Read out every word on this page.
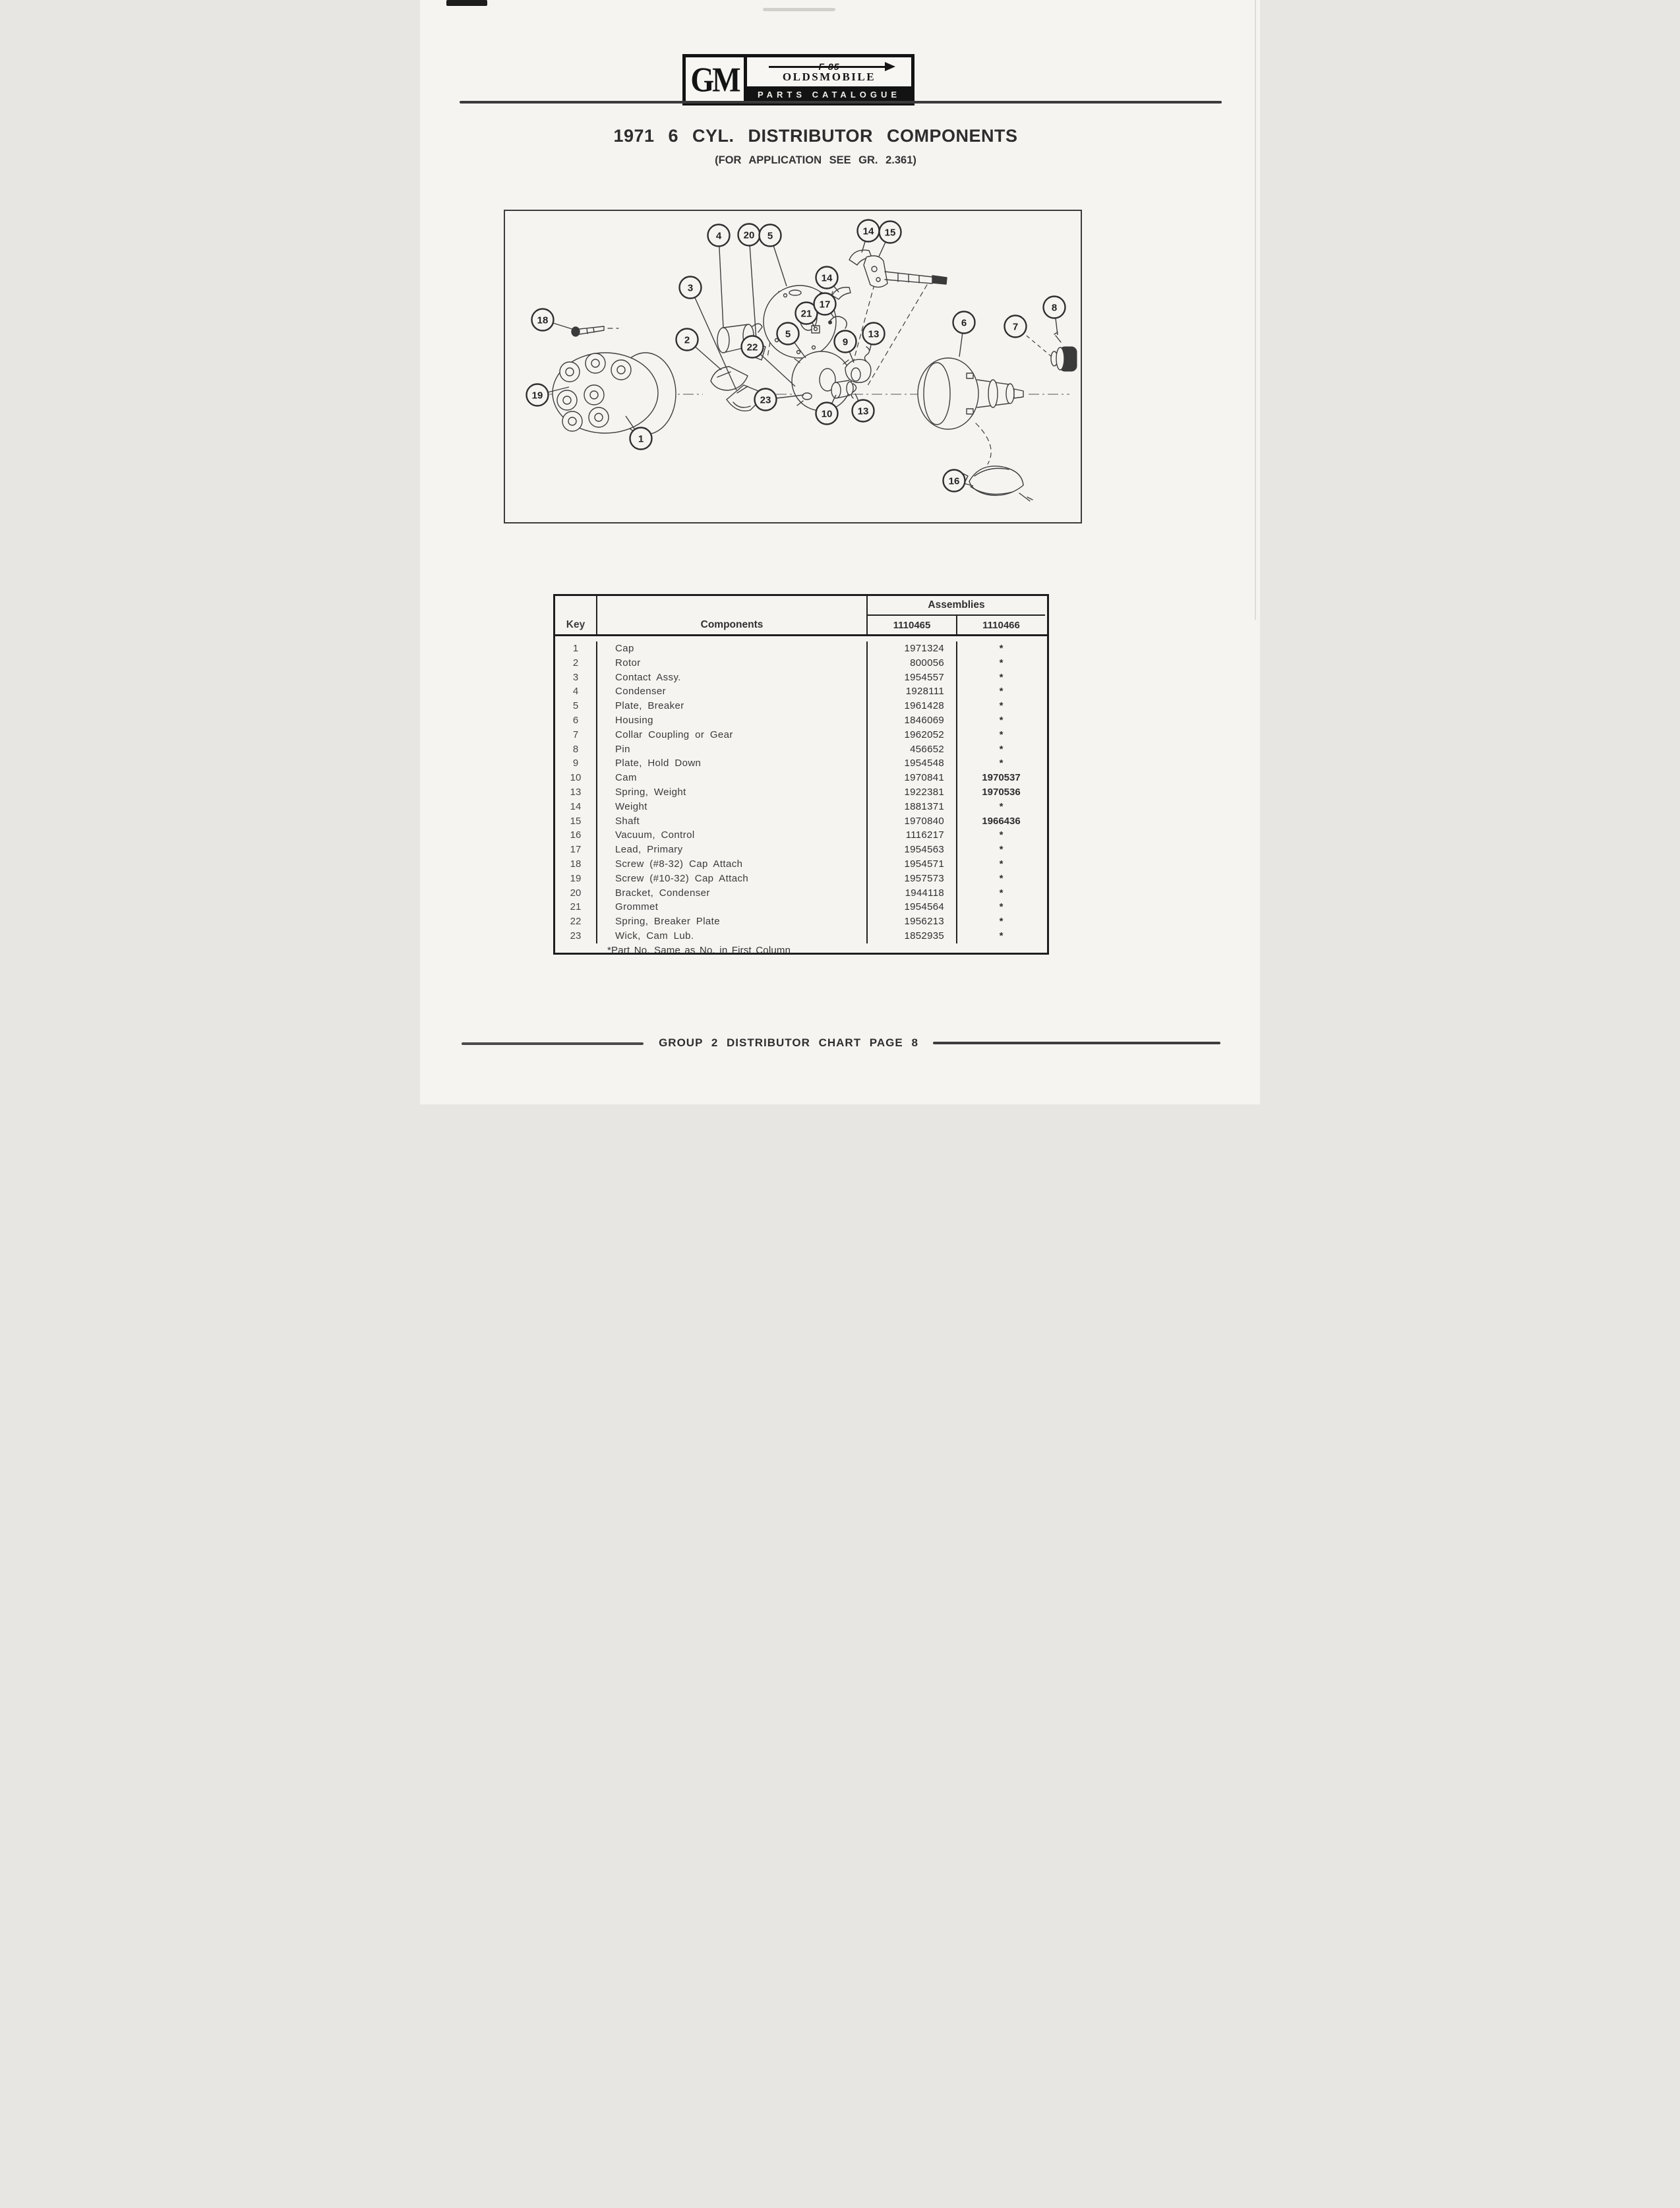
GM	F 85
OLDSMOBILE
PARTS CATALOGUE
1971 6 CYL. DISTRIBUTOR COMPONENTS
(FOR APPLICATION SEE GR. 2.361)
18
19
1
2
3
4 20 5
5
22
23
21
17
14
14 15
9
13
10	13
6	7
8
16
Key	Components
Assemblies
1110465	1110466
1	Cap	1971324	*
2	Rotor	800056	*
3	Contact Assy.	1954557	*
4	Condenser	1928111	*
5	Plate, Breaker	1961428	*
6	Housing	1846069	*
7	Collar Coupling or Gear	1962052	*
8	Pin	456652	*
9	Plate, Hold Down	1954548	*
10	Cam	1970841	1970537
13	Spring, Weight	1922381	1970536
14	Weight	1881371	*
15	Shaft	1970840	1966436
16	Vacuum, Control	1116217	*
17	Lead, Primary	1954563	*
18	Screw (#8-32) Cap Attach	1954571	*
19	Screw (#10-32) Cap Attach	1957573	*
20	Bracket, Condenser	1944118	*
21	Grommet	1954564	*
22	Spring, Breaker Plate	1956213	*
23	Wick, Cam Lub.	1852935	*
*Part No. Same as No. in First Column
GROUP 2 DISTRIBUTOR CHART PAGE 8
